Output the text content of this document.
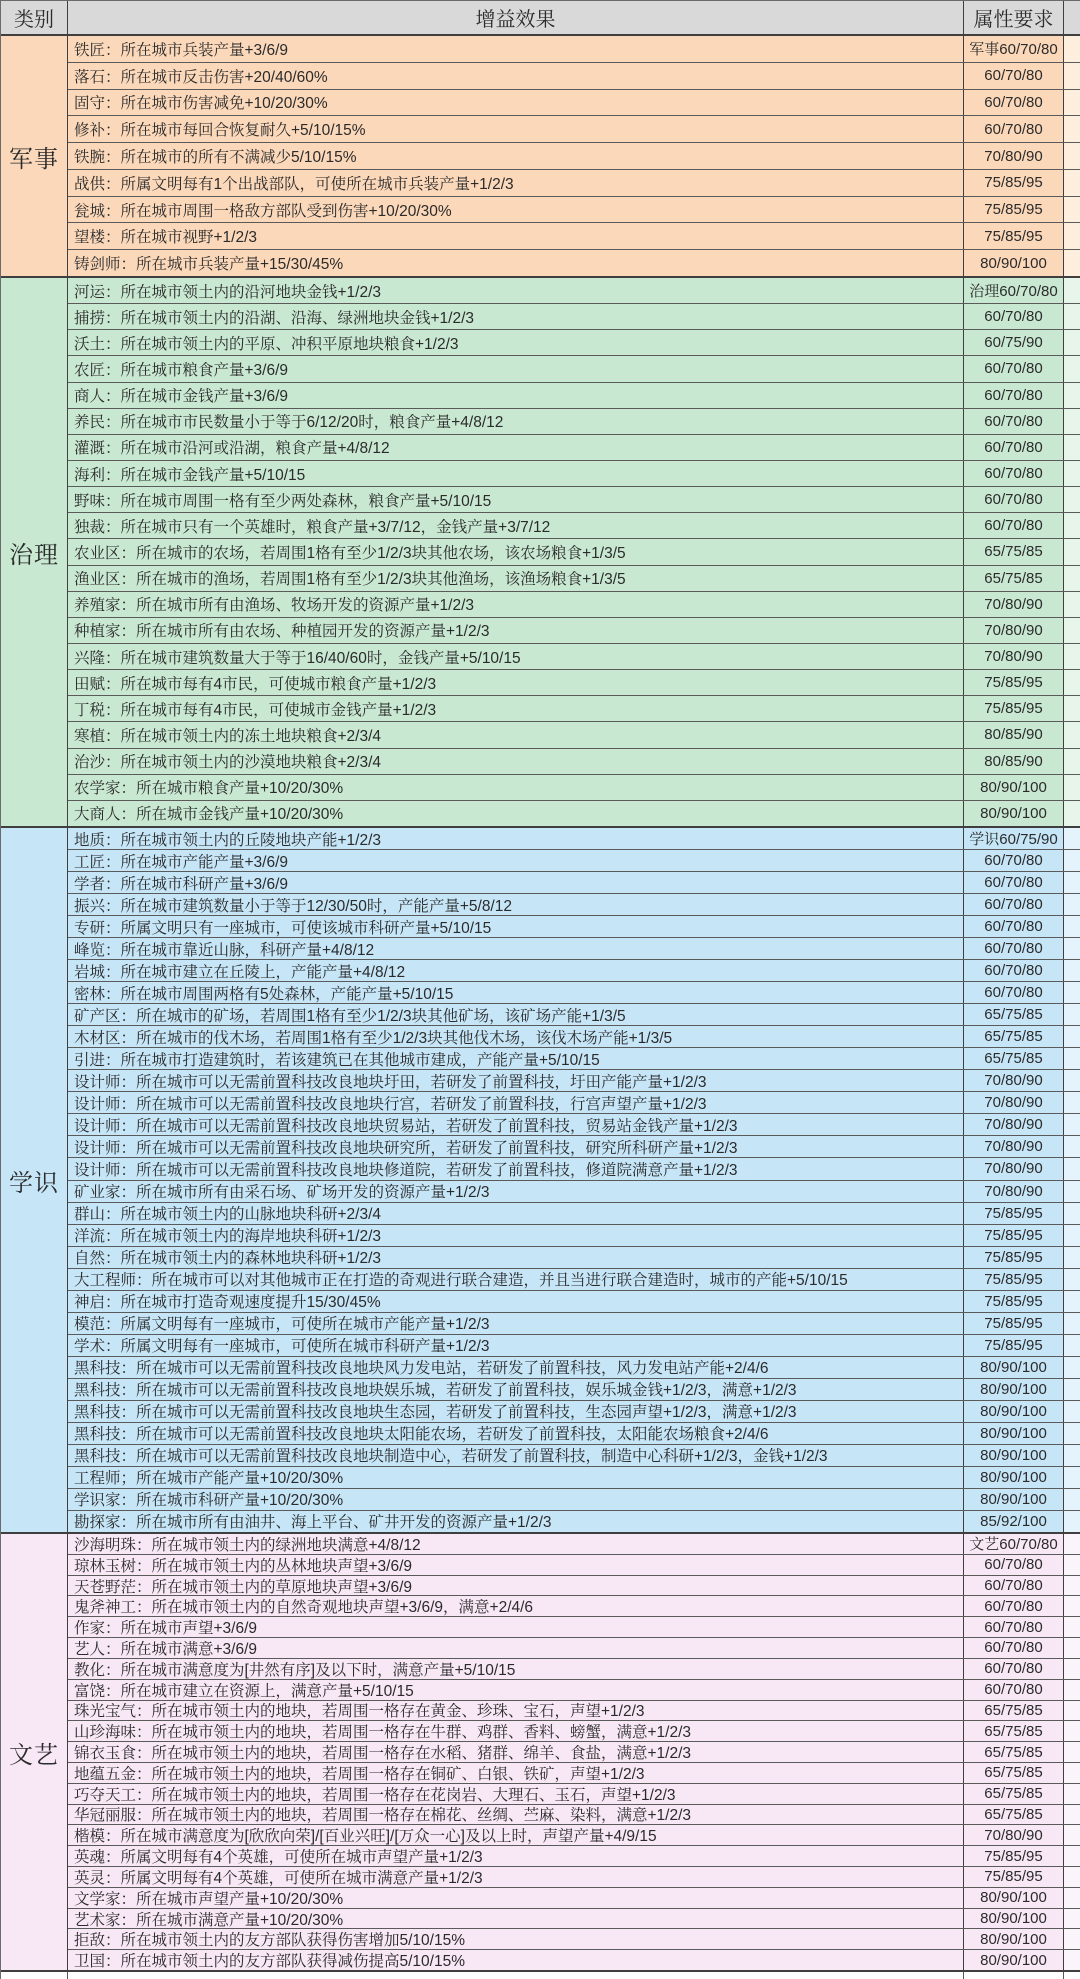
类别	增益效果	属性要求
军事
铁匠：所在城市兵装产量+3/6/9	军事60/70/80
落石：所在城市反击伤害+20/40/60%	60/70/80
固守：所在城市伤害减免+10/20/30%	60/70/80
修补：所在城市每回合恢复耐久+5/10/15%	60/70/80
铁腕：所在城市的所有不满减少5/10/15%	70/80/90
战供：所属文明每有1个出战部队，可使所在城市兵装产量+1/2/3	75/85/95
瓮城：所在城市周围一格敌方部队受到伤害+10/20/30%	75/85/95
望楼：所在城市视野+1/2/3	75/85/95
铸剑师：所在城市兵装产量+15/30/45%	80/90/100
治理
河运：所在城市领土内的沿河地块金钱+1/2/3	治理60/70/80
捕捞：所在城市领土内的沿湖、沿海、绿洲地块金钱+1/2/3	60/70/80
沃土：所在城市领土内的平原、冲积平原地块粮食+1/2/3	60/75/90
农匠：所在城市粮食产量+3/6/9	60/70/80
商人：所在城市金钱产量+3/6/9	60/70/80
养民：所在城市市民数量小于等于6/12/20时，粮食产量+4/8/12	60/70/80
灌溉：所在城市沿河或沿湖，粮食产量+4/8/12	60/70/80
海利：所在城市金钱产量+5/10/15	60/70/80
野味：所在城市周围一格有至少两处森林，粮食产量+5/10/15	60/70/80
独裁：所在城市只有一个英雄时，粮食产量+3/7/12，金钱产量+3/7/12	60/70/80
农业区：所在城市的农场，若周围1格有至少1/2/3块其他农场，该农场粮食+1/3/5	65/75/85
渔业区：所在城市的渔场，若周围1格有至少1/2/3块其他渔场，该渔场粮食+1/3/5	65/75/85
养殖家：所在城市所有由渔场、牧场开发的资源产量+1/2/3	70/80/90
种植家：所在城市所有由农场、种植园开发的资源产量+1/2/3	70/80/90
兴隆：所在城市建筑数量大于等于16/40/60时，金钱产量+5/10/15	70/80/90
田赋：所在城市每有4市民，可使城市粮食产量+1/2/3	75/85/95
丁税：所在城市每有4市民，可使城市金钱产量+1/2/3	75/85/95
寒植：所在城市领土内的冻土地块粮食+2/3/4	80/85/90
治沙：所在城市领土内的沙漠地块粮食+2/3/4	80/85/90
农学家：所在城市粮食产量+10/20/30%	80/90/100
大商人：所在城市金钱产量+10/20/30%	80/90/100
学识
地质：所在城市领土内的丘陵地块产能+1/2/3	学识60/75/90
工匠：所在城市产能产量+3/6/9	60/70/80
学者：所在城市科研产量+3/6/9	60/70/80
振兴：所在城市建筑数量小于等于12/30/50时，产能产量+5/8/12	60/70/80
专研：所属文明只有一座城市，可使该城市科研产量+5/10/15	60/70/80
峰览：所在城市靠近山脉，科研产量+4/8/12	60/70/80
岩城：所在城市建立在丘陵上，产能产量+4/8/12	60/70/80
密林：所在城市周围两格有5处森林，产能产量+5/10/15	60/70/80
矿产区：所在城市的矿场，若周围1格有至少1/2/3块其他矿场，该矿场产能+1/3/5	65/75/85
木材区：所在城市的伐木场，若周围1格有至少1/2/3块其他伐木场，该伐木场产能+1/3/5	65/75/85
引进：所在城市打造建筑时，若该建筑已在其他城市建成，产能产量+5/10/15	65/75/85
设计师：所在城市可以无需前置科技改良地块圩田，若研发了前置科技，圩田产能产量+1/2/3	70/80/90
设计师：所在城市可以无需前置科技改良地块行宫，若研发了前置科技，行宫声望产量+1/2/3	70/80/90
设计师：所在城市可以无需前置科技改良地块贸易站，若研发了前置科技，贸易站金钱产量+1/2/3	70/80/90
设计师：所在城市可以无需前置科技改良地块研究所，若研发了前置科技，研究所科研产量+1/2/3	70/80/90
设计师：所在城市可以无需前置科技改良地块修道院，若研发了前置科技，修道院满意产量+1/2/3	70/80/90
矿业家：所在城市所有由采石场、矿场开发的资源产量+1/2/3	70/80/90
群山：所在城市领土内的山脉地块科研+2/3/4	75/85/95
洋流：所在城市领土内的海岸地块科研+1/2/3	75/85/95
自然：所在城市领土内的森林地块科研+1/2/3	75/85/95
大工程师：所在城市可以对其他城市正在打造的奇观进行联合建造，并且当进行联合建造时，城市的产能+5/10/15	75/85/95
神启：所在城市打造奇观速度提升15/30/45%	75/85/95
模范：所属文明每有一座城市，可使所在城市产能产量+1/2/3	75/85/95
学术：所属文明每有一座城市，可使所在城市科研产量+1/2/3	75/85/95
黑科技：所在城市可以无需前置科技改良地块风力发电站，若研发了前置科技，风力发电站产能+2/4/6	80/90/100
黑科技：所在城市可以无需前置科技改良地块娱乐城，若研发了前置科技，娱乐城金钱+1/2/3，满意+1/2/3	80/90/100
黑科技：所在城市可以无需前置科技改良地块生态园，若研发了前置科技，生态园声望+1/2/3，满意+1/2/3	80/90/100
黑科技：所在城市可以无需前置科技改良地块太阳能农场，若研发了前置科技，太阳能农场粮食+2/4/6	80/90/100
黑科技：所在城市可以无需前置科技改良地块制造中心，若研发了前置科技，制造中心科研+1/2/3，金钱+1/2/3	80/90/100
工程师；所在城市产能产量+10/20/30%	80/90/100
学识家：所在城市科研产量+10/20/30%	80/90/100
勘探家：所在城市所有由油井、海上平台、矿井开发的资源产量+1/2/3	85/92/100
文艺
沙海明珠：所在城市领土内的绿洲地块满意+4/8/12	文艺60/70/80
琼林玉树：所在城市领土内的丛林地块声望+3/6/9	60/70/80
天苍野茫：所在城市领土内的草原地块声望+3/6/9	60/70/80
鬼斧神工：所在城市领土内的自然奇观地块声望+3/6/9，满意+2/4/6	60/70/80
作家：所在城市声望+3/6/9	60/70/80
艺人：所在城市满意+3/6/9	60/70/80
教化：所在城市满意度为[井然有序]及以下时，满意产量+5/10/15	60/70/80
富饶：所在城市建立在资源上，满意产量+5/10/15	60/70/80
珠光宝气：所在城市领土内的地块，若周围一格存在黄金、珍珠、宝石，声望+1/2/3	65/75/85
山珍海味：所在城市领土内的地块，若周围一格存在牛群、鸡群、香料、螃蟹，满意+1/2/3	65/75/85
锦衣玉食：所在城市领土内的地块，若周围一格存在水稻、猪群、绵羊、食盐，满意+1/2/3	65/75/85
地蕴五金：所在城市领土内的地块，若周围一格存在铜矿、白银、铁矿，声望+1/2/3	65/75/85
巧夺天工：所在城市领土内的地块，若周围一格存在花岗岩、大理石、玉石，声望+1/2/3	65/75/85
华冠丽服：所在城市领土内的地块，若周围一格存在棉花、丝绸、苎麻、染料，满意+1/2/3	65/75/85
楷模：所在城市满意度为[欣欣向荣]/[百业兴旺]/[万众一心]及以上时，声望产量+4/9/15	70/80/90
英魂：所属文明每有4个英雄，可使所在城市声望产量+1/2/3	75/85/95
英灵：所属文明每有4个英雄，可使所在城市满意产量+1/2/3	75/85/95
文学家：所在城市声望产量+10/20/30%	80/90/100
艺术家：所在城市满意产量+10/20/30%	80/90/100
拒敌：所在城市领土内的友方部队获得伤害增加5/10/15%	80/90/100
卫国：所在城市领土内的友方部队获得减伤提高5/10/15%	80/90/100
